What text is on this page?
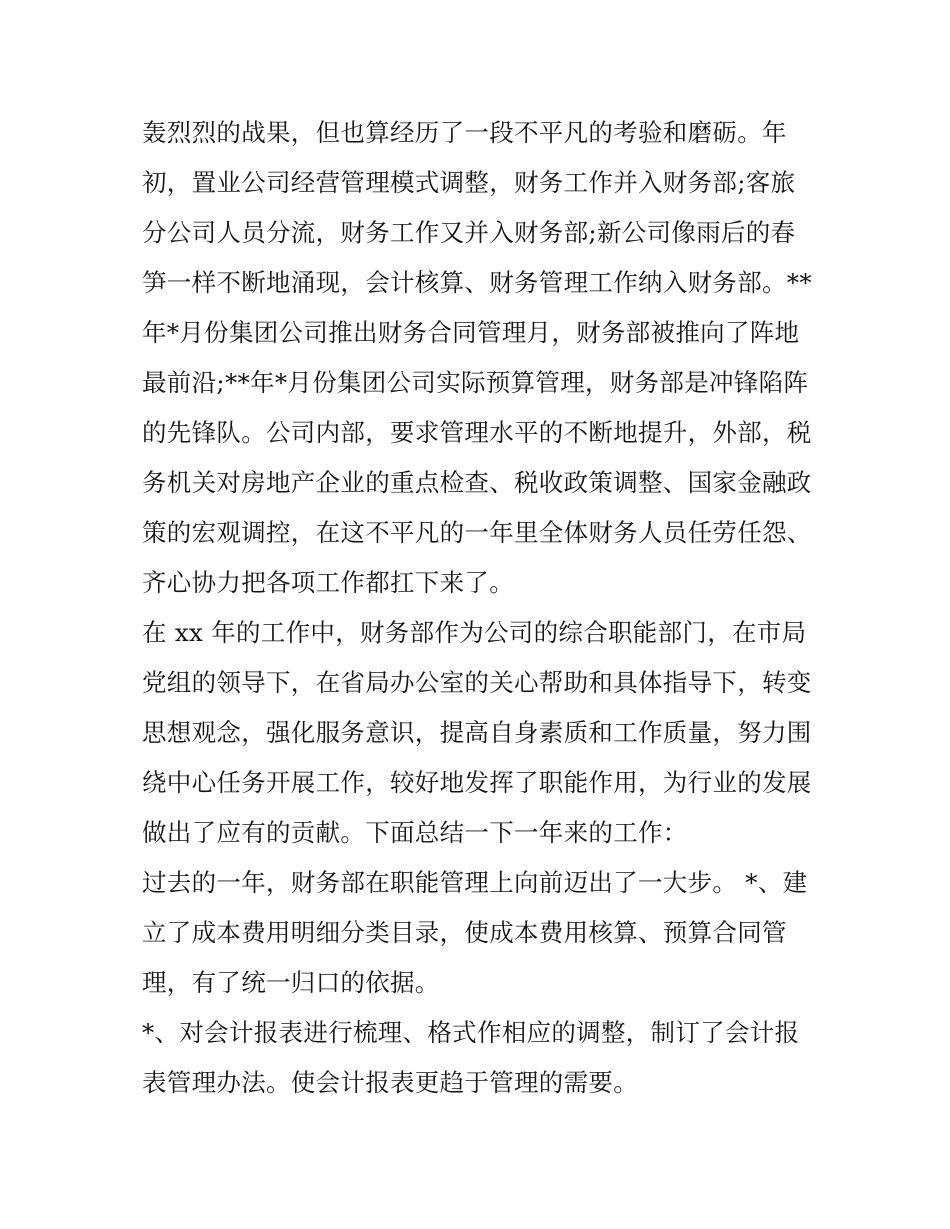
轰烈烈的战果，但也算经历了一段不平凡的考验和磨砺。年
初，置业公司经营管理模式调整，财务工作并入财务部;客旅
分公司人员分流，财务工作又并入财务部;新公司像雨后的春
笋一样不断地涌现，会计核算、财务管理工作纳入财务部。**
年*月份集团公司推出财务合同管理月，财务部被推向了阵地
最前沿;**年*月份集团公司实际预算管理，财务部是冲锋陷阵
的先锋队。公司内部，要求管理水平的不断地提升，外部，税
务机关对房地产企业的重点检查、税收政策调整、国家金融政
策的宏观调控，在这不平凡的一年里全体财务人员任劳任怨、
齐心协力把各项工作都扛下来了。

在 xx 年的工作中，财务部作为公司的综合职能部门，在市局
党组的领导下，在省局办公室的关心帮助和具体指导下，转变
思想观念，强化服务意识，提高自身素质和工作质量，努力围
绕中心任务开展工作，较好地发挥了职能作用，为行业的发展
做出了应有的贡献。下面总结一下一年来的工作：

过去的一年，财务部在职能管理上向前迈出了一大步。 *、建
立了成本费用明细分类目录，使成本费用核算、预算合同管
理，有了统一归口的依据。

*、对会计报表进行梳理、格式作相应的调整，制订了会计报
表管理办法。使会计报表更趋于管理的需要。
